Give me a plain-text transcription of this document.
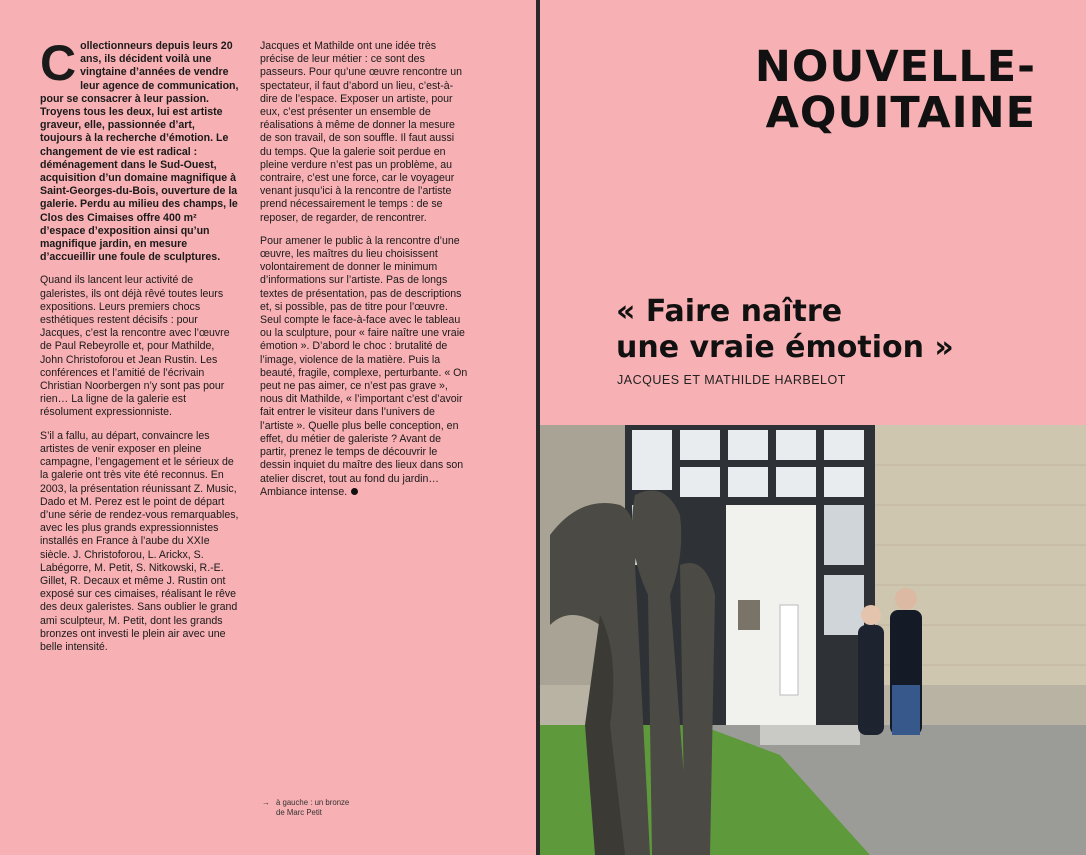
C ollectionneurs depuis leurs 20 ans, ils décident voilà une vingtaine d’années de vendre leur agence de communication, pour se consacrer à leur passion. Troyens tous les deux, lui est artiste graveur, elle, passionnée d’art, toujours à la recherche d’émotion. Le changement de vie est radical : déménagement dans le Sud-Ouest, acquisition d’un domaine magnifique à Saint-Georges-du-Bois, ouverture de la galerie. Perdu au milieu des champs, le Clos des Cimaises offre 400 m² d’espace d’exposition ainsi qu’un magnifique jardin, en mesure d’accueillir une foule de sculptures.

Quand ils lancent leur activité de galeristes, ils ont déjà rêvé toutes leurs expositions. Leurs premiers chocs esthétiques restent décisifs : pour Jacques, c’est la rencontre avec l’œuvre de Paul Rebeyrolle et, pour Mathilde, John Christoforou et Jean Rustin. Les conférences et l’amitié de l’écrivain Christian Noorbergen n’y sont pas pour rien… La ligne de la galerie est résolument expressionniste.

S’il a fallu, au départ, convaincre les artistes de venir exposer en pleine campagne, l’engagement et le sérieux de la galerie ont très vite été reconnus. En 2003, la présentation réunissant Z. Music, Dado et M. Perez est le point de départ d’une série de rendez-vous remarquables, avec les plus grands expressionnistes installés en France à l’aube du XXIe siècle. J. Christoforou, L. Arickx, S. Labégorre, M. Petit, S. Nitkowski, R.-E. Gillet, R. Decaux et même J. Rustin ont exposé sur ces cimaises, réalisant le rêve des deux galeristes. Sans oublier le grand ami sculpteur, M. Petit, dont les grands bronzes ont investi le plein air avec une belle intensité.

Jacques et Mathilde ont une idée très précise de leur métier : ce sont des passeurs. Pour qu’une œuvre rencontre un spectateur, il faut d’abord un lieu, c’est-à-dire de l’espace. Exposer un artiste, pour eux, c’est présenter un ensemble de réalisations à même de donner la mesure de son travail, de son souffle. Il faut aussi du temps. Que la galerie soit perdue en pleine verdure n’est pas un problème, au contraire, c’est une force, car le voyageur venant jusqu’ici à la rencontre de l’artiste prend nécessairement le temps : de se reposer, de regarder, de rencontrer.

Pour amener le public à la rencontre d’une œuvre, les maîtres du lieu choisissent volontairement de donner le minimum d’informations sur l’artiste. Pas de longs textes de présentation, pas de descriptions et, si possible, pas de titre pour l’œuvre. Seul compte le face-à-face avec le tableau ou la sculpture, pour « faire naître une vraie émotion ». D’abord le choc : brutalité de l’image, violence de la matière. Puis la beauté, fragile, complexe, perturbante. « On peut ne pas aimer, ce n’est pas grave », nous dit Mathilde, « l’important c’est d’avoir fait entrer le visiteur dans l’univers de l’artiste ». Quelle plus belle conception, en effet, du métier de galeriste ? Avant de partir, prenez le temps de découvrir le dessin inquiet du maître des lieux dans son atelier discret, tout au fond du jardin… Ambiance intense.

→ à gauche : un bronze de Marc Petit
NOUVELLE-
AQUITAINE
« Faire naître
une vraie émotion »
JACQUES ET MATHILDE HARBELOT
